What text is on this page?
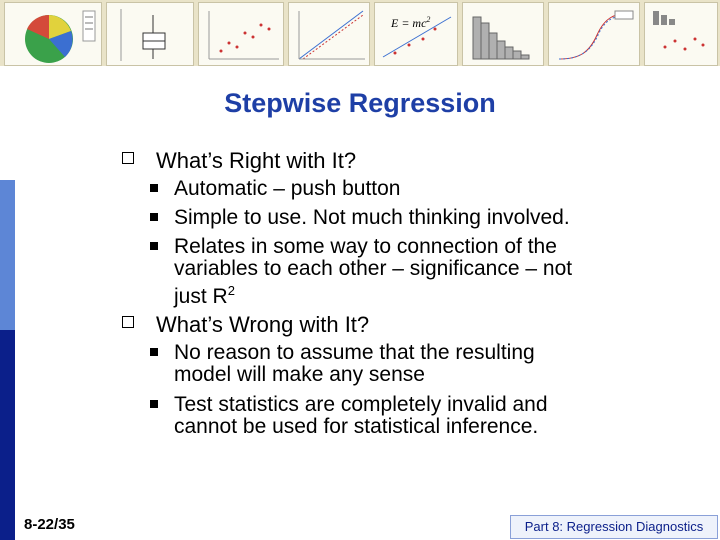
$E = mc^2$
Stepwise Regression
What’s Right with It?
Automatic – push button
Simple to use. Not much thinking involved.
Relates in some way to connection of the
variables to each other – significance – not
just $R^2$
What’s Wrong with It?
No reason to assume that the resulting
model will make any sense
Test statistics are completely invalid and
cannot be used for statistical inference.
8-22/35	Part 8: Regression Diagnostics
